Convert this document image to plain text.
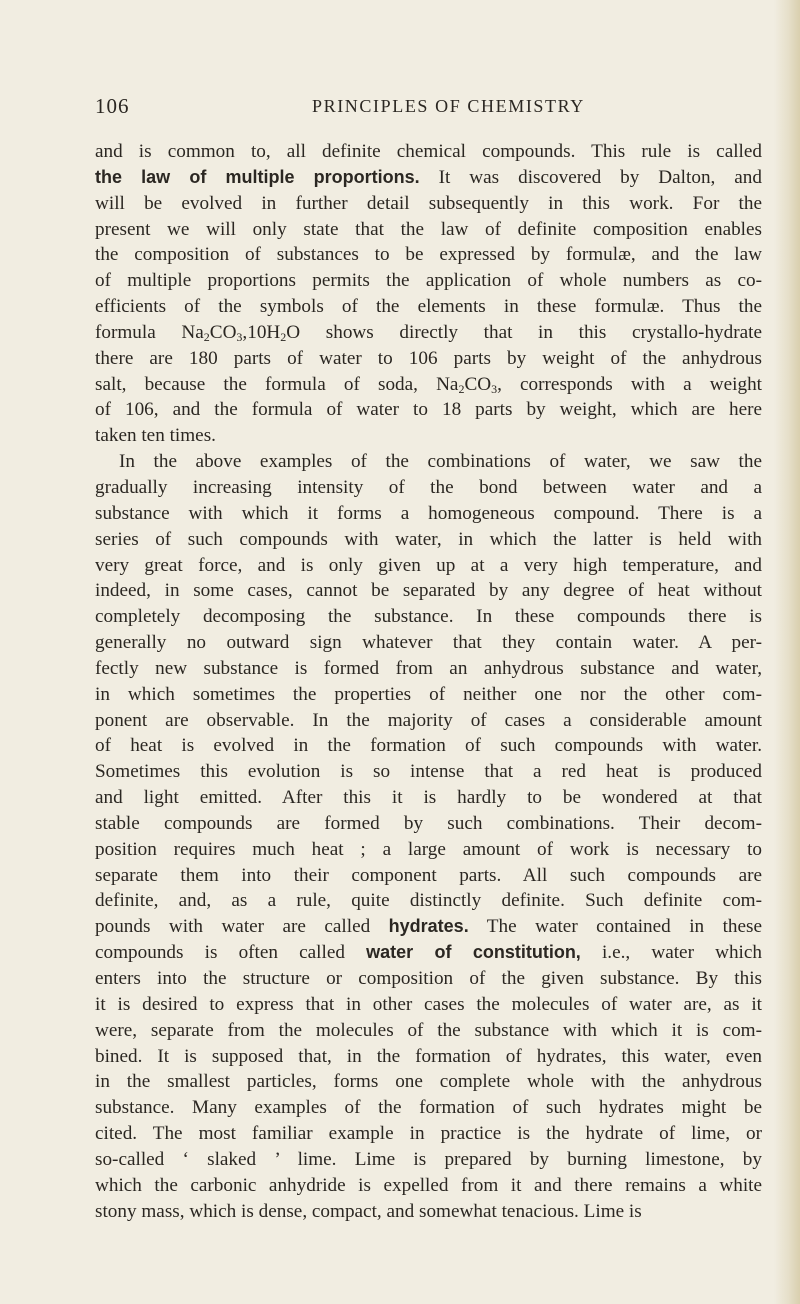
106	PRINCIPLES OF CHEMISTRY
and is common to, all definite chemical compounds. This rule is called
the law of multiple proportions. It was discovered by Dalton, and
will be evolved in further detail subsequently in this work. For the
present we will only state that the law of definite composition enables
the composition of substances to be expressed by formulæ, and the law
of multiple proportions permits the application of whole numbers as co-
efficients of the symbols of the elements in these formulæ. Thus the
formula $Na_2CO_3,10H_2O$ shows directly that in this crystallo-hydrate
there are 180 parts of water to 106 parts by weight of the anhydrous
salt, because the formula of soda, $Na_2CO_3$, corresponds with a weight
of 106, and the formula of water to 18 parts by weight, which are here
taken ten times.
In the above examples of the combinations of water, we saw the
gradually increasing intensity of the bond between water and a
substance with which it forms a homogeneous compound. There is a
series of such compounds with water, in which the latter is held with
very great force, and is only given up at a very high temperature, and
indeed, in some cases, cannot be separated by any degree of heat without
completely decomposing the substance. In these compounds there is
generally no outward sign whatever that they contain water. A per-
fectly new substance is formed from an anhydrous substance and water,
in which sometimes the properties of neither one nor the other com-
ponent are observable. In the majority of cases a considerable amount
of heat is evolved in the formation of such compounds with water.
Sometimes this evolution is so intense that a red heat is produced
and light emitted. After this it is hardly to be wondered at that
stable compounds are formed by such combinations. Their decom-
position requires much heat ; a large amount of work is necessary to
separate them into their component parts. All such compounds are
definite, and, as a rule, quite distinctly definite. Such definite com-
pounds with water are called hydrates. The water contained in these
compounds is often called water of constitution, i.e., water which
enters into the structure or composition of the given substance. By this
it is desired to express that in other cases the molecules of water are, as it
were, separate from the molecules of the substance with which it is com-
bined. It is supposed that, in the formation of hydrates, this water, even
in the smallest particles, forms one complete whole with the anhydrous
substance. Many examples of the formation of such hydrates might be
cited. The most familiar example in practice is the hydrate of lime, or
so-called ‘ slaked ’ lime. Lime is prepared by burning limestone, by
which the carbonic anhydride is expelled from it and there remains a white
stony mass, which is dense, compact, and somewhat tenacious. Lime is
